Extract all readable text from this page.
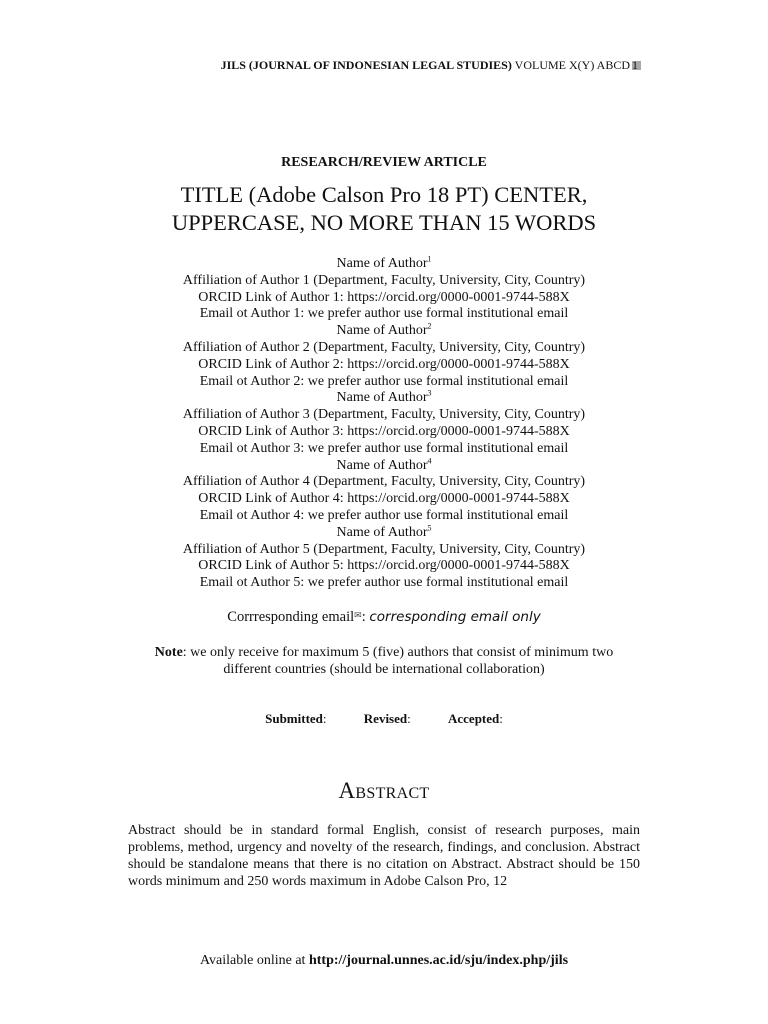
JILS (JOURNAL OF INDONESIAN LEGAL STUDIES) VOLUME X(Y) ABCD 1
RESEARCH/REVIEW ARTICLE
TITLE (Adobe Calson Pro 18 PT) CENTER,
UPPERCASE, NO MORE THAN 15 WORDS
Name of Author$^1$
Affiliation of Author 1 (Department, Faculty, University, City, Country)
ORCID Link of Author 1: https://orcid.org/0000-0001-9744-588X
Email ot Author 1: we prefer author use formal institutional email
Name of Author$^2$
Affiliation of Author 2 (Department, Faculty, University, City, Country)
ORCID Link of Author 2: https://orcid.org/0000-0001-9744-588X
Email ot Author 2: we prefer author use formal institutional email
Name of Author$^3$
Affiliation of Author 3 (Department, Faculty, University, City, Country)
ORCID Link of Author 3: https://orcid.org/0000-0001-9744-588X
Email ot Author 3: we prefer author use formal institutional email
Name of Author$^4$
Affiliation of Author 4 (Department, Faculty, University, City, Country)
ORCID Link of Author 4: https://orcid.org/0000-0001-9744-588X
Email ot Author 4: we prefer author use formal institutional email
Name of Author$^5$
Affiliation of Author 5 (Department, Faculty, University, City, Country)
ORCID Link of Author 5: https://orcid.org/0000-0001-9744-588X
Email ot Author 5: we prefer author use formal institutional email
Corrresponding email✉: corresponding email only
Note: we only receive for maximum 5 (five) authors that consist of minimum two
different countries (should be international collaboration)
Submitted:	Revised:	Accepted:
Abstract
Abstract should be in standard formal English, consist of research purposes, main problems, method, urgency and novelty of the research, findings, and conclusion. Abstract should be standalone means that there is no citation on Abstract. Abstract should be 150 words minimum and 250 words maximum in Adobe Calson Pro, 12
Available online at http://journal.unnes.ac.id/sju/index.php/jils
